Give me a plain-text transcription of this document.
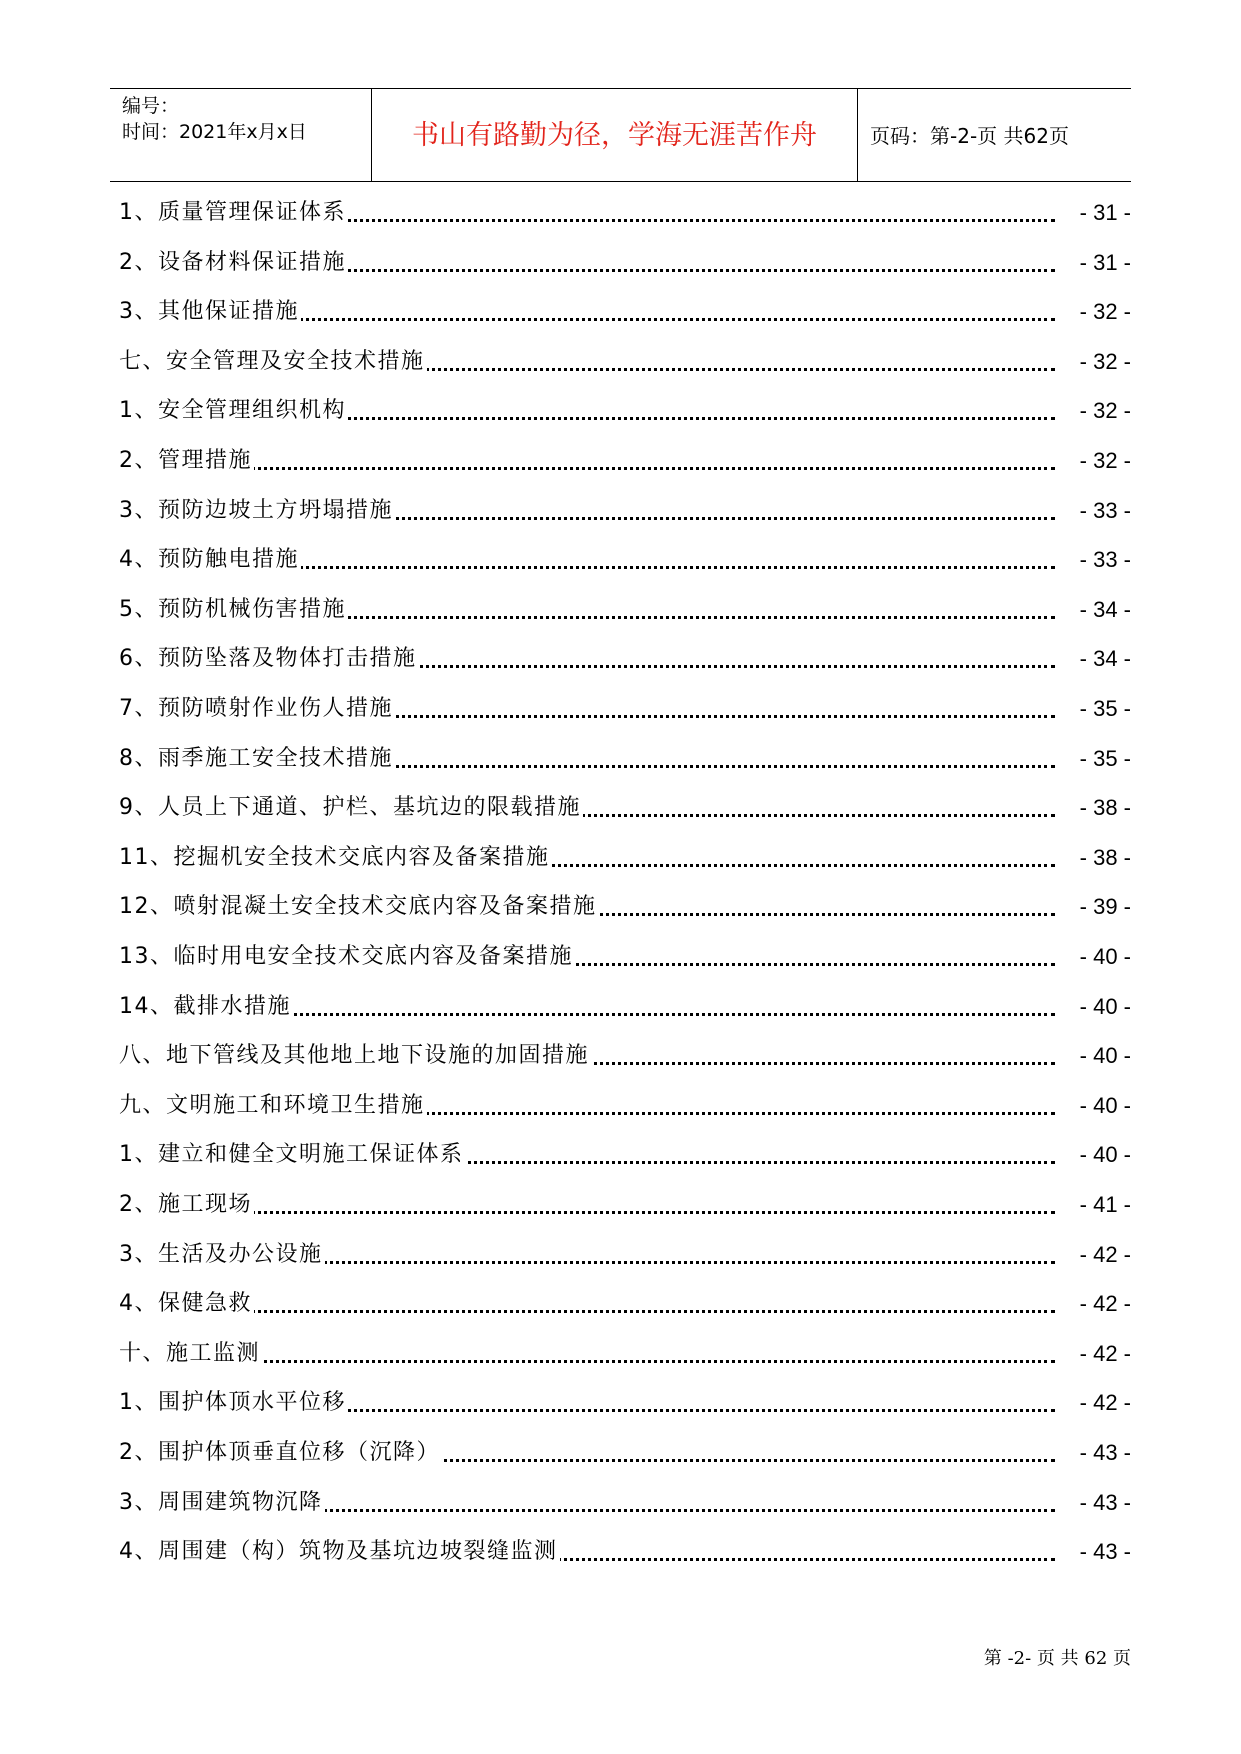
编号：
时间：2021年x月x日	书山有路勤为径，学海无涯苦作舟	页码：第-2-页 共62页
1、质量管理保证体系	- 31 -
2、设备材料保证措施	- 31 -
3、其他保证措施	- 32 -
七、安全管理及安全技术措施	- 32 -
1、安全管理组织机构	- 32 -
2、管理措施	- 32 -
3、预防边坡土方坍塌措施	- 33 -
4、预防触电措施	- 33 -
5、预防机械伤害措施	- 34 -
6、预防坠落及物体打击措施	- 34 -
7、预防喷射作业伤人措施	- 35 -
8、雨季施工安全技术措施	- 35 -
9、人员上下通道、护栏、基坑边的限载措施	- 38 -
11、挖掘机安全技术交底内容及备案措施	- 38 -
12、喷射混凝土安全技术交底内容及备案措施	- 39 -
13、临时用电安全技术交底内容及备案措施	- 40 -
14、截排水措施	- 40 -
八、地下管线及其他地上地下设施的加固措施	- 40 -
九、文明施工和环境卫生措施	- 40 -
1、建立和健全文明施工保证体系	- 40 -
2、施工现场	- 41 -
3、生活及办公设施	- 42 -
4、保健急救	- 42 -
十、施工监测	- 42 -
1、围护体顶水平位移	- 42 -
2、围护体顶垂直位移（沉降）	- 43 -
3、周围建筑物沉降	- 43 -
4、周围建（构）筑物及基坑边坡裂缝监测	- 43 -
第 -2- 页 共 62 页
